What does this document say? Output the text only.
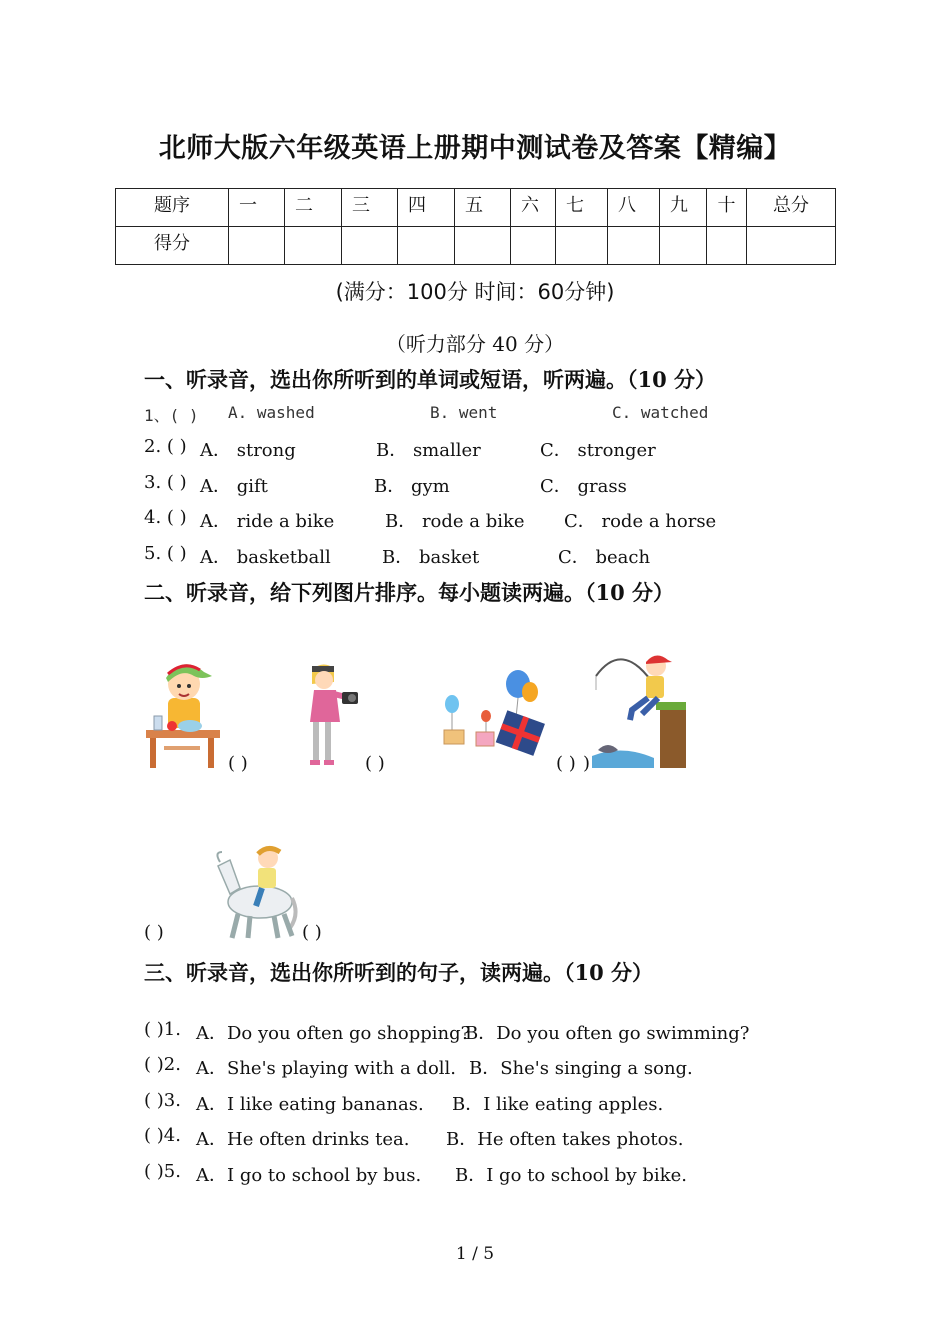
北师大版六年级英语上册期中测试卷及答案【精编】
题序	一	二	三	四	五	六	七	八	九	十	总分

得分											

(满分：100分 时间：60分钟)
（听力部分 40 分）
一、听录音，选出你所听到的单词或短语，听两遍。（10 分）
1、( ) A. washed	B. went	C. watched
2. ( ) A． strong	B． smaller	C． stronger
3. ( ) A． gift	B． gym	C． grass
4. ( ) A． ride a bike	B． rode a bike C． rode a horse
5. ( ) A． basketball	B． basket	C． beach
二、听录音，给下列图片排序。每小题读两遍。（10 分）
( )	( )	( ) )
( )	( )
三、听录音，选出你所听到的句子，读两遍。（10 分）
( )1. A．Do you often go shopping?
B．Do you often go swimming?
( )2. A．She's playing with a doll. B．She's singing a song.
( )3. A．I like eating bananas. B．I like eating apples.
( )4. A．He often drinks tea. B．He often takes photos.
( )5. A．I go to school by bus. B．I go to school by bike.
1 / 5
